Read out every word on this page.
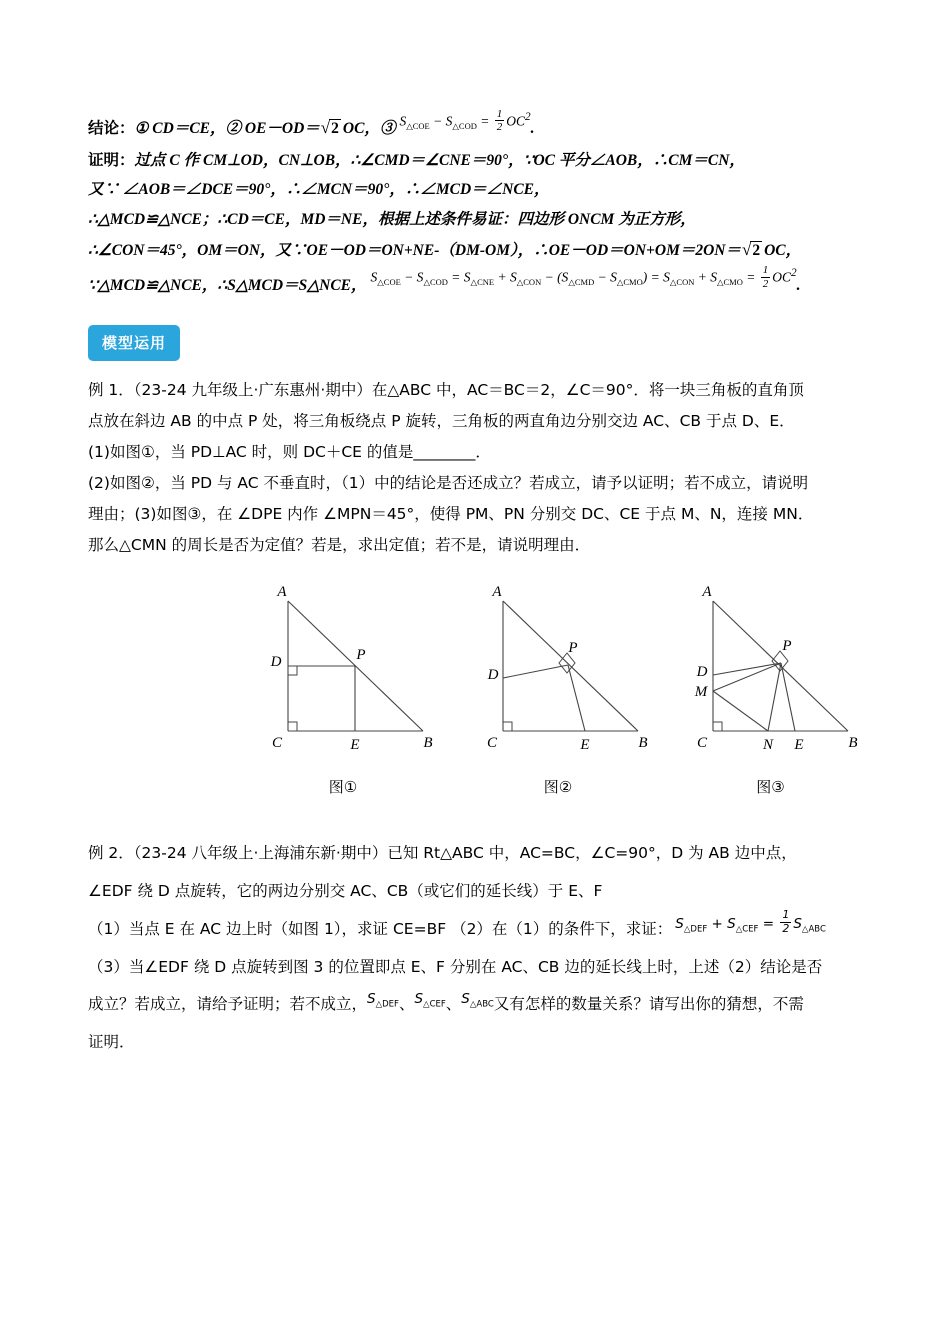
结论：① CD＝CE，② OE－OD＝√2 OC，③ $S_{\triangle COE} - S_{\triangle COD} = \frac{1}{2} OC^2$.
证明：过点 C 作 CM⊥OD，CN⊥OB，∴∠CMD＝∠CNE＝90°，∵OC 平分∠AOB，∴CM＝CN，
又∵ ∠AOB＝∠DCE＝90°，∴∠MCN＝90°，∴∠MCD＝∠NCE，
∴△MCD≌△NCE；∴CD＝CE，MD＝NE，根据上述条件易证：四边形 ONCM 为正方形，
∴∠CON＝45°，OM＝ON，又∵OE－OD＝ON+NE-（DM-OM），∴OE－OD＝ON+OM＝2ON＝√2 OC，
∵△MCD≌△NCE，∴S△MCD＝S△NCE，$S_{\triangle COE} - S_{\triangle COD} = S_{\triangle CNE} + S_{\triangle CON} - (S_{\triangle CMD} - S_{\triangle CMO}) = S_{\triangle CON} + S_{\triangle CMO} = \frac{1}{2} OC^2$.
模型运用
例 1．（23-24 九年级上·广东惠州·期中）在△ABC 中，AC＝BC＝2，∠C＝90°．将一块三角板的直角顶
点放在斜边 AB 的中点 P 处，将三角板绕点 P 旋转，三角板的两直角边分别交边 AC、CB 于点 D、E．
(1)如图①，当 PD⊥AC 时，则 DC＋CE 的值是________．
(2)如图②，当 PD 与 AC 不垂直时，（1）中的结论是否还成立？若成立，请予以证明；若不成立，请说明
理由；(3)如图③，在 ∠DPE 内作 ∠MPN＝45°，使得 PM、PN 分别交 DC、CE 于点 M、N，连接 MN．
那么△CMN 的周长是否为定值？若是，求出定值；若不是，请说明理由．
A
D
C	E	B
P
图①
A
D
C	E	B
P
图②
A
D
M
C	N E	B
P
图③
例 2．（23-24 八年级上·上海浦东新·期中）已知 Rt△ABC 中，AC=BC，∠C=90°，D 为 AB 边中点，
∠EDF 绕 D 点旋转，它的两边分别交 AC、CB（或它们的延长线）于 E、F
（1）当点 E 在 AC 边上时（如图 1），求证 CE=BF （2）在（1）的条件下，求证： $S_{\triangle DEF} + S_{\triangle CEF} = \frac{1}{2} S_{\triangle ABC}$
（3）当∠EDF 绕 D 点旋转到图 3 的位置即点 E、F 分别在 AC、CB 边的延长线上时，上述（2）结论是否
成立？若成立，请给予证明；若不成立，$S_{\triangle DEF}$、$S_{\triangle CEF}$、$S_{\triangle ABC}$又有怎样的数量关系？请写出你的猜想，不需
证明．
